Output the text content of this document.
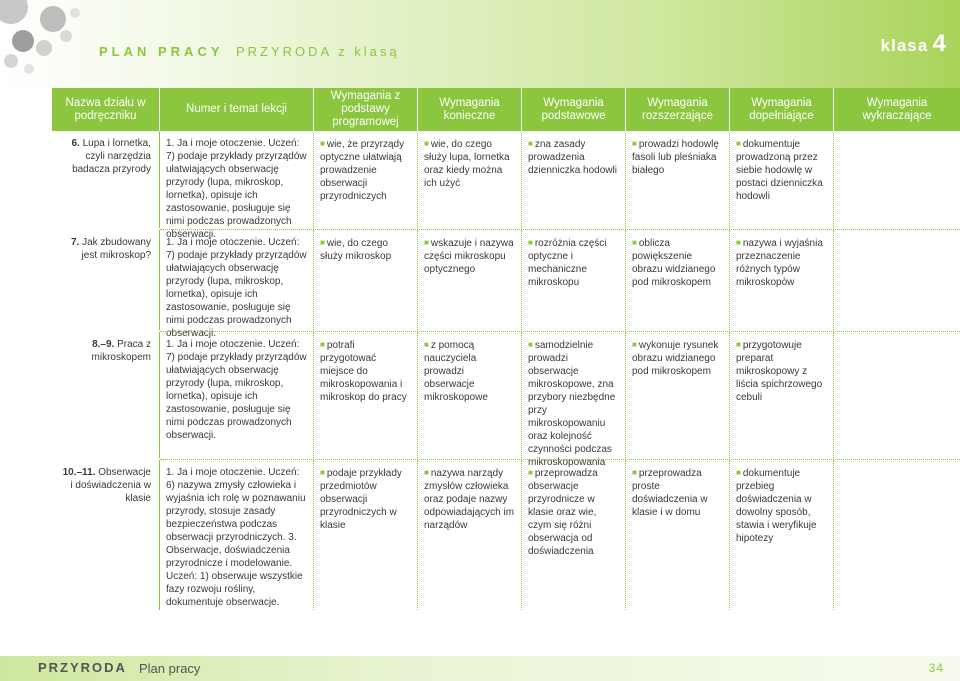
PLAN PRACY PRZYRODA z klasą	klasa 4
Nazwa działu w podręczniku
Numer i temat lekcji
Wymagania z podstawy programowej
Wymagania konieczne
Wymagania podstawowe
Wymagania rozszerzające
Wymagania dopełniające
Wymagania wykraczające
6. Lupa i lornetka, czyli narzędzia badacza przyrody
1. Ja i moje otoczenie. Uczeń: 7) podaje przykłady przyrządów ułatwiających obserwację przyrody (lupa, mikroskop, lornetka), opisuje ich zastosowanie, posługuje się nimi podczas prowadzonych obserwacji.
■ wie, że przyrządy optyczne ułatwiają prowadzenie obserwacji przyrodniczych
■ wie, do czego służy lupa, lornetka oraz kiedy można ich użyć
■ zna zasady prowadzenia dzienniczka hodowli
■ prowadzi hodowlę fasoli lub pleśniaka białego
■ dokumentuje prowadzoną przez siebie hodowlę w postaci dzienniczka hodowli
7. Jak zbudowany jest mikroskop?
1. Ja i moje otoczenie. Uczeń: 7) podaje przykłady przyrządów ułatwiających obserwację przyrody (lupa, mikroskop, lornetka), opisuje ich zastosowanie, posługuje się nimi podczas prowadzonych obserwacji.
■ wie, do czego służy mikroskop
■ wskazuje i nazywa części mikroskopu optycznego
■ rozróżnia części optyczne i mechaniczne mikroskopu
■ oblicza powiększenie obrazu widzianego pod mikroskopem
■ nazywa i wyjaśnia przeznaczenie różnych typów mikroskopów
8.–9. Praca z mikroskopem
1. Ja i moje otoczenie. Uczeń: 7) podaje przykłady przyrządów ułatwiających obserwację przyrody (lupa, mikroskop, lornetka), opisuje ich zastosowanie, posługuje się nimi podczas prowadzonych obserwacji.
■ potrafi przygotować miejsce do mikroskopowania i mikroskop do pracy
■ z pomocą nauczyciela prowadzi obserwacje mikroskopowe
■ samodzielnie prowadzi obserwacje mikroskopowe, zna przybory niezbędne przy mikroskopowaniu oraz kolejność czynności podczas mikroskopowania
■ wykonuje rysunek obrazu widzianego pod mikroskopem
■ przygotowuje preparat mikroskopowy z liścia spichrzowego cebuli
10.–11. Obserwacje i doświadczenia w klasie
1. Ja i moje otoczenie. Uczeń: 6) nazywa zmysły człowieka i wyjaśnia ich rolę w poznawaniu przyrody, stosuje zasady bezpieczeństwa podczas obserwacji przyrodniczych. 3. Obserwacje, doświadczenia przyrodnicze i modelowanie. Uczeń: 1) obserwuje wszystkie fazy rozwoju rośliny, dokumentuje obserwacje.
■ podaje przykłady przedmiotów obserwacji przyrodniczych w klasie
■ nazywa narządy zmysłów człowieka oraz podaje nazwy odpowiadających im narządów
■ przeprowadza obserwacje przyrodnicze w klasie oraz wie, czym się różni obserwacja od doświadczenia
■ przeprowadza proste doświadczenia w klasie i w domu
■ dokumentuje przebieg doświadczenia w dowolny sposób, stawia i weryfikuje hipotezy
PRZYRODA Plan pracy	34
